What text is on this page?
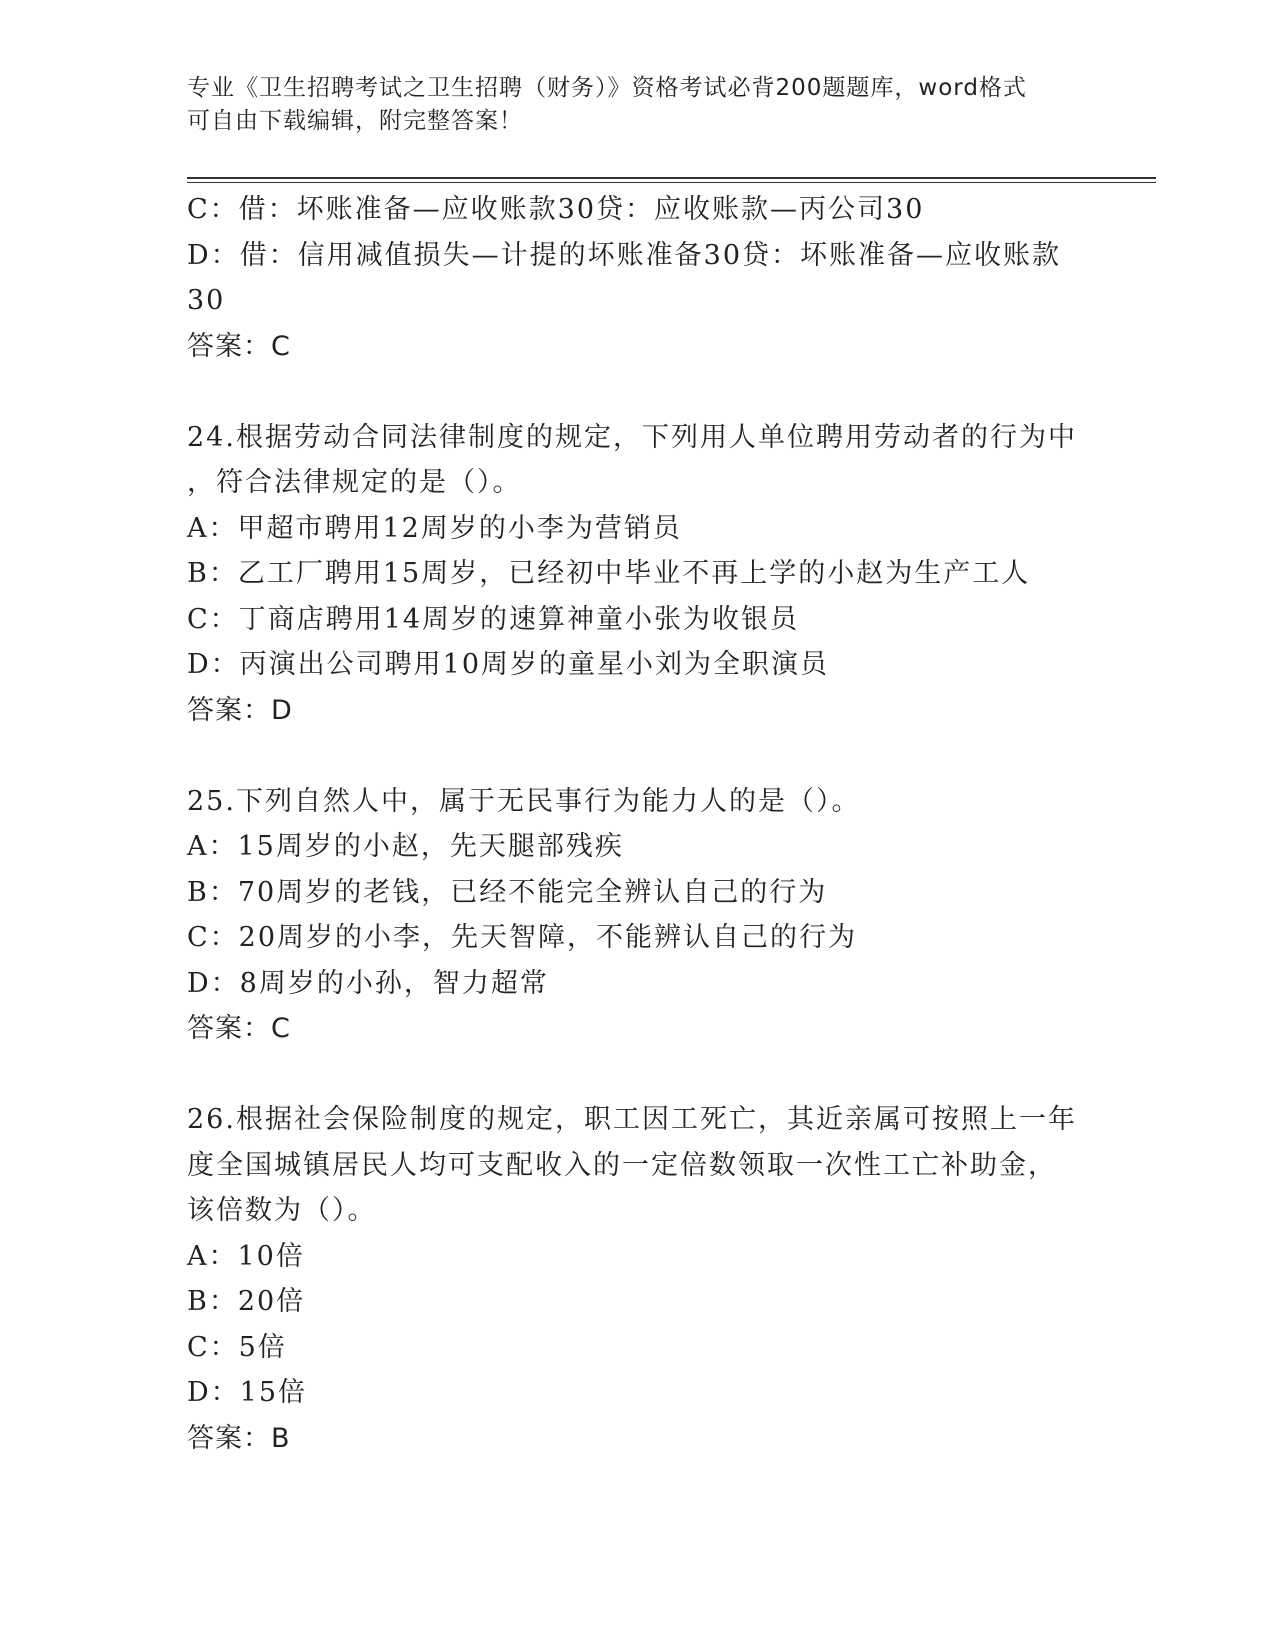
专业《卫生招聘考试之卫生招聘（财务）》资格考试必背200题题库，word格式
可自由下载编辑，附完整答案！
C：借：坏账准备—应收账款30贷：应收账款—丙公司30
D：借：信用减值损失—计提的坏账准备30贷：坏账准备—应收账款
30
答案：C
24.根据劳动合同法律制度的规定，下列用人单位聘用劳动者的行为中
，符合法律规定的是（）。
A：甲超市聘用12周岁的小李为营销员
B：乙工厂聘用15周岁，已经初中毕业不再上学的小赵为生产工人
C：丁商店聘用14周岁的速算神童小张为收银员
D：丙演出公司聘用10周岁的童星小刘为全职演员
答案：D
25.下列自然人中，属于无民事行为能力人的是（）。
A：15周岁的小赵，先天腿部残疾
B：70周岁的老钱，已经不能完全辨认自己的行为
C：20周岁的小李，先天智障，不能辨认自己的行为
D：8周岁的小孙，智力超常
答案：C
26.根据社会保险制度的规定，职工因工死亡，其近亲属可按照上一年
度全国城镇居民人均可支配收入的一定倍数领取一次性工亡补助金，
该倍数为（）。
A：10倍
B：20倍
C：5倍
D：15倍
答案：B
